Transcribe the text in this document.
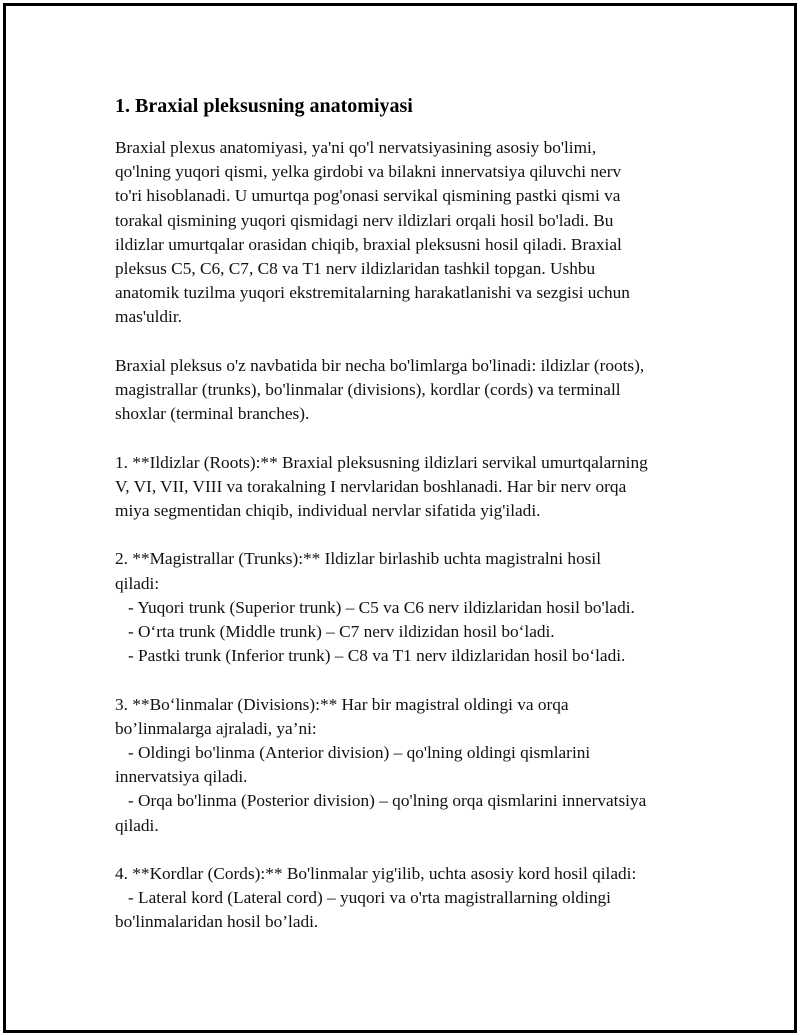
1. Braxial pleksusning anatomiyasi

Braxial plexus anatomiyasi, ya'ni qo'l nervatsiyasining asosiy bo'limi,
qo'lning yuqori qismi, yelka girdobi va bilakni innervatsiya qiluvchi nerv
to'ri hisoblanadi. U umurtqa pog'onasi servikal qismining pastki qismi va
torakal qismining yuqori qismidagi nerv ildizlari orqali hosil bo'ladi. Bu
ildizlar umurtqalar orasidan chiqib, braxial pleksusni hosil qiladi. Braxial
pleksus C5, C6, C7, C8 va T1 nerv ildizlaridan tashkil topgan. Ushbu
anatomik tuzilma yuqori ekstremitalarning harakatlanishi va sezgisi uchun
mas'uldir.

Braxial pleksus o'z navbatida bir necha bo'limlarga bo'linadi: ildizlar (roots),
magistrallar (trunks), bo'linmalar (divisions), kordlar (cords) va terminall
shoxlar (terminal branches).

1. **Ildizlar (Roots):** Braxial pleksusning ildizlari servikal umurtqalarning
V, VI, VII, VIII va torakalning I nervlaridan boshlanadi. Har bir nerv orqa
miya segmentidan chiqib, individual nervlar sifatida yig'iladi.

2. **Magistrallar (Trunks):** Ildizlar birlashib uchta magistralni hosil
qiladi:
- Yuqori trunk (Superior trunk) – C5 va C6 nerv ildizlaridan hosil bo'ladi.
- O‘rta trunk (Middle trunk) – C7 nerv ildizidan hosil bo‘ladi.
- Pastki trunk (Inferior trunk) – C8 va T1 nerv ildizlaridan hosil bo‘ladi.

3. **Bo‘linmalar (Divisions):** Har bir magistral oldingi va orqa
bo’linmalarga ajraladi, ya’ni:
- Oldingi bo'linma (Anterior division) – qo'lning oldingi qismlarini
innervatsiya qiladi.
- Orqa bo'linma (Posterior division) – qo'lning orqa qismlarini innervatsiya
qiladi.

4. **Kordlar (Cords):** Bo'linmalar yig'ilib, uchta asosiy kord hosil qiladi:
- Lateral kord (Lateral cord) – yuqori va o'rta magistrallarning oldingi
bo'linmalaridan hosil bo’ladi.
